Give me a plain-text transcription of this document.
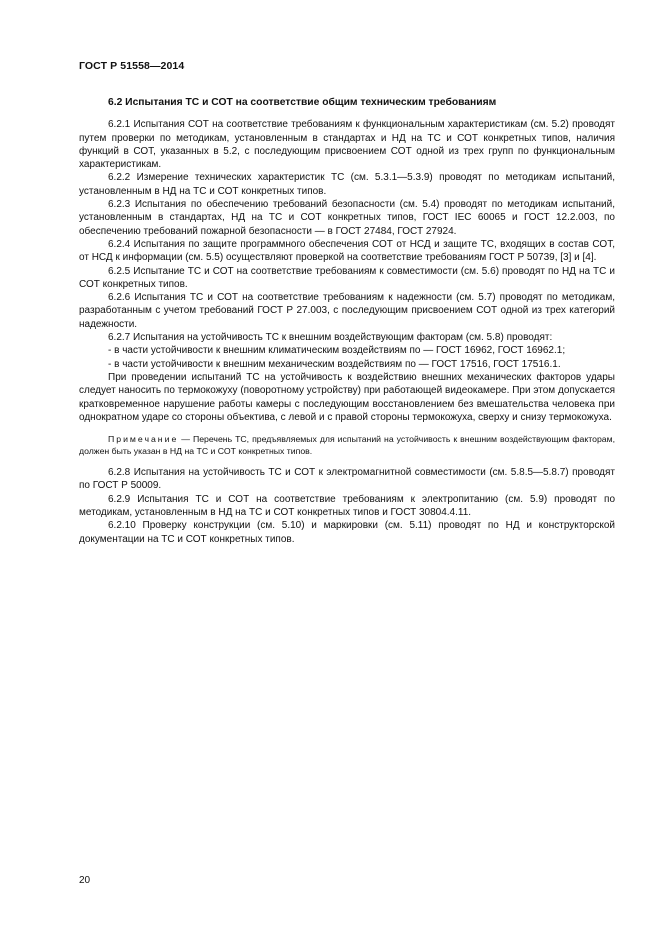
ГОСТ Р 51558—2014

6.2 Испытания ТС и СОТ на соответствие общим техническим требованиям

6.2.1 Испытания СОТ на соответствие требованиям к функциональным характеристикам (см. 5.2) проводят путем проверки по методикам, установленным в стандартах и НД на ТС и СОТ конкретных типов, наличия функций в СОТ, указанных в 5.2, с последующим присвоением СОТ одной из трех групп по функциональным характеристикам.

6.2.2 Измерение технических характеристик ТС (см. 5.3.1—5.3.9) проводят по методикам испытаний, установленным в НД на ТС и СОТ конкретных типов.

6.2.3 Испытания по обеспечению требований безопасности (см. 5.4) проводят по методикам испытаний, установленным в стандартах, НД на ТС и СОТ конкретных типов, ГОСТ IEC 60065 и ГОСТ 12.2.003, по обеспечению требований пожарной безопасности — в ГОСТ 27484, ГОСТ 27924.

6.2.4 Испытания по защите программного обеспечения СОТ от НСД и защите ТС, входящих в состав СОТ, от НСД к информации (см. 5.5) осуществляют проверкой на соответствие требованиям ГОСТ Р 50739, [3] и [4].

6.2.5 Испытание ТС и СОТ на соответствие требованиям к совместимости (см. 5.6) проводят по НД на ТС и СОТ конкретных типов.

6.2.6 Испытания ТС и СОТ на соответствие требованиям к надежности (см. 5.7) проводят по методикам, разработанным с учетом требований ГОСТ Р 27.003, с последующим присвоением СОТ одной из трех категорий надежности.

6.2.7 Испытания на устойчивость ТС к внешним воздействующим факторам (см. 5.8) проводят:

- в части устойчивости к внешним климатическим воздействиям по — ГОСТ 16962, ГОСТ 16962.1;

- в части устойчивости к внешним механическим воздействиям по — ГОСТ 17516, ГОСТ 17516.1.

При проведении испытаний ТС на устойчивость к воздействию внешних механических факторов удары следует наносить по термокожуху (поворотному устройству) при работающей видеокамере. При этом допускается кратковременное нарушение работы камеры с последующим восстановлением без вмешательства человека при однократном ударе со стороны объектива, с левой и с правой стороны термокожуха, сверху и снизу термокожуха.

Примечание — Перечень ТС, предъявляемых для испытаний на устойчивость к внешним воздействующим факторам, должен быть указан в НД на ТС и СОТ конкретных типов.

6.2.8 Испытания на устойчивость ТС и СОТ к электромагнитной совместимости (см. 5.8.5—5.8.7) проводят по ГОСТ Р 50009.

6.2.9 Испытания ТС и СОТ на соответствие требованиям к электропитанию (см. 5.9) проводят по методикам, установленным в НД на ТС и СОТ конкретных типов и ГОСТ 30804.4.11.

6.2.10 Проверку конструкции (см. 5.10) и маркировки (см. 5.11) проводят по НД и конструкторской документации на ТС и СОТ конкретных типов.

20
